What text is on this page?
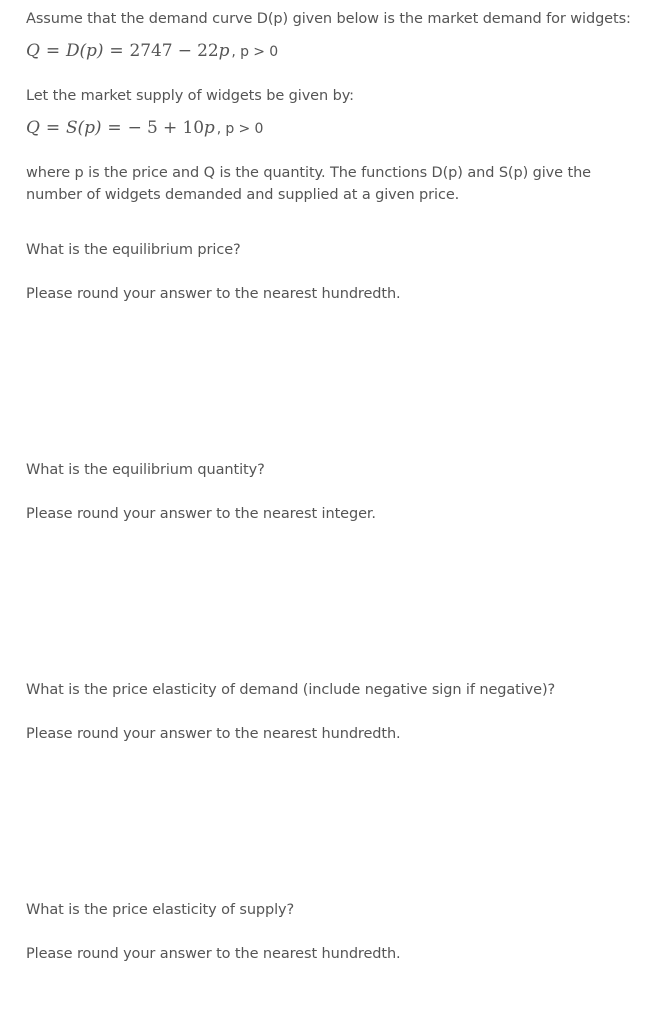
Assume that the demand curve D(p) given below is the market demand for widgets:
Q = D(p) = 2747 − 22p , p > 0
Let the market supply of widgets be given by:
Q = S(p) = − 5 + 10p , p > 0
where p is the price and Q is the quantity. The functions D(p) and S(p) give the number of widgets demanded and supplied at a given price.
What is the equilibrium price?
Please round your answer to the nearest hundredth.
What is the equilibrium quantity?
Please round your answer to the nearest integer.
What is the price elasticity of demand (include negative sign if negative)?
Please round your answer to the nearest hundredth.
What is the price elasticity of supply?
Please round your answer to the nearest hundredth.
